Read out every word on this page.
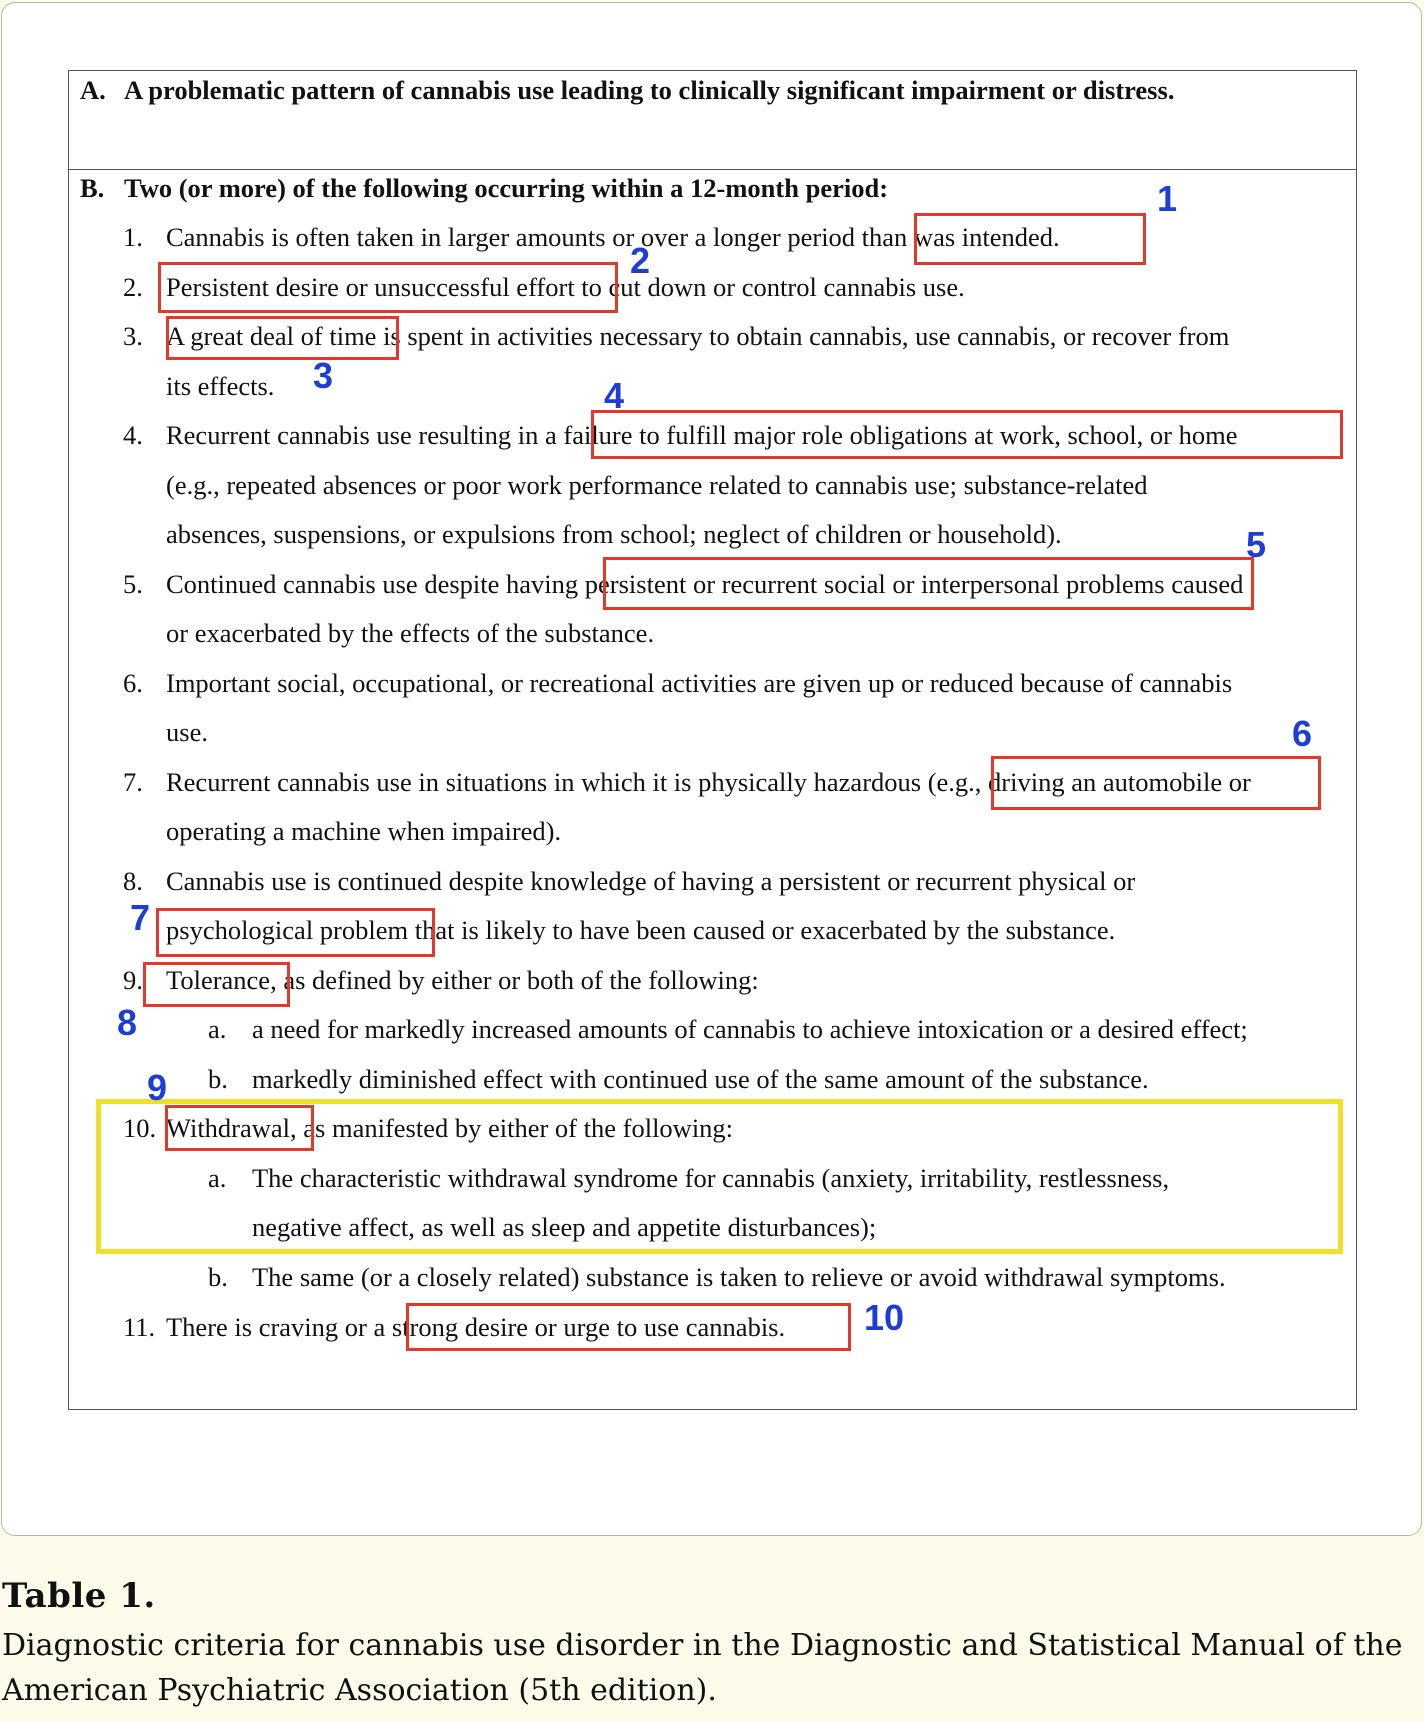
A. A problematic pattern of cannabis use leading to clinically significant impairment or distress.
B. Two (or more) of the following occurring within a 12-month period:
1. Cannabis is often taken in larger amounts or over a longer period than was intended.
2. Persistent desire or unsuccessful effort to cut down or control cannabis use.
3. A great deal of time is spent in activities necessary to obtain cannabis, use cannabis, or recover from
its effects.
4. Recurrent cannabis use resulting in a failure to fulfill major role obligations at work, school, or home
(e.g., repeated absences or poor work performance related to cannabis use; substance-related
absences, suspensions, or expulsions from school; neglect of children or household).
5. Continued cannabis use despite having persistent or recurrent social or interpersonal problems caused
or exacerbated by the effects of the substance.
6. Important social, occupational, or recreational activities are given up or reduced because of cannabis
use.
7. Recurrent cannabis use in situations in which it is physically hazardous (e.g., driving an automobile or
operating a machine when impaired).
8. Cannabis use is continued despite knowledge of having a persistent or recurrent physical or
psychological problem that is likely to have been caused or exacerbated by the substance.
9. Tolerance, as defined by either or both of the following:
a. a need for markedly increased amounts of cannabis to achieve intoxication or a desired effect;
b. markedly diminished effect with continued use of the same amount of the substance.
10. Withdrawal, as manifested by either of the following:
a. The characteristic withdrawal syndrome for cannabis (anxiety, irritability, restlessness,
negative affect, as well as sleep and appetite disturbances);
b. The same (or a closely related) substance is taken to relieve or avoid withdrawal symptoms.
11. There is craving or a strong desire or urge to use cannabis.
1
2
3	4
5
6
7
8
9
10
Table 1.
Diagnostic criteria for cannabis use disorder in the Diagnostic and Statistical Manual of the American Psychiatric Association (5th edition).
